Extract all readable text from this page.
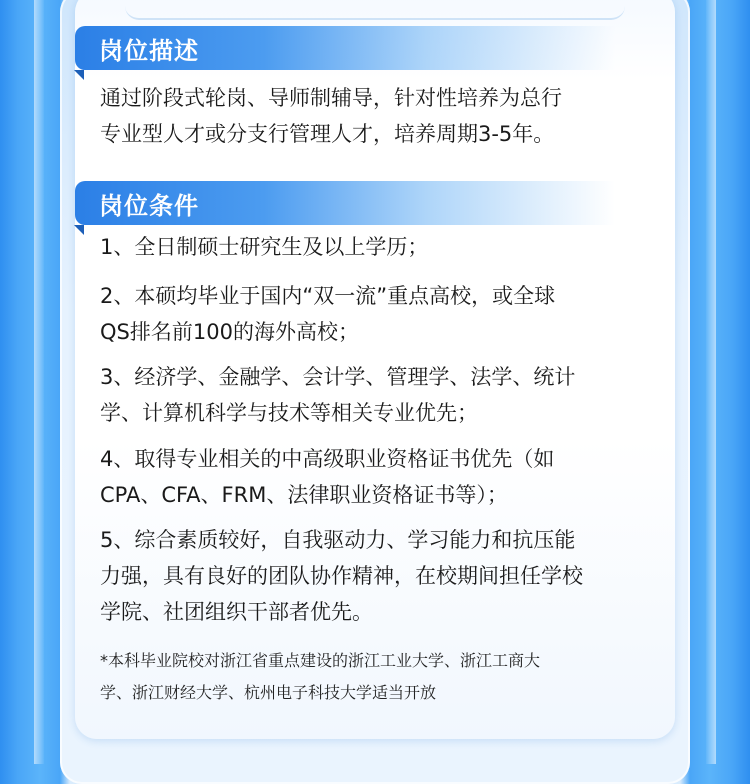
岗位描述
通过阶段式轮岗、导师制辅导，针对性培养为总行
专业型人才或分支行管理人才，培养周期3-5年。
岗位条件
1、全日制硕士研究生及以上学历；
2、本硕均毕业于国内“双一流”重点高校，或全球
QS排名前100的海外高校；
3、经济学、金融学、会计学、管理学、法学、统计
学、计算机科学与技术等相关专业优先；
4、取得专业相关的中高级职业资格证书优先（如
CPA、CFA、FRM、法律职业资格证书等）；
5、综合素质较好，自我驱动力、学习能力和抗压能
力强，具有良好的团队协作精神，在校期间担任学校
学院、社团组织干部者优先。
*本科毕业院校对浙江省重点建设的浙江工业大学、浙江工商大
学、浙江财经大学、杭州电子科技大学适当开放
